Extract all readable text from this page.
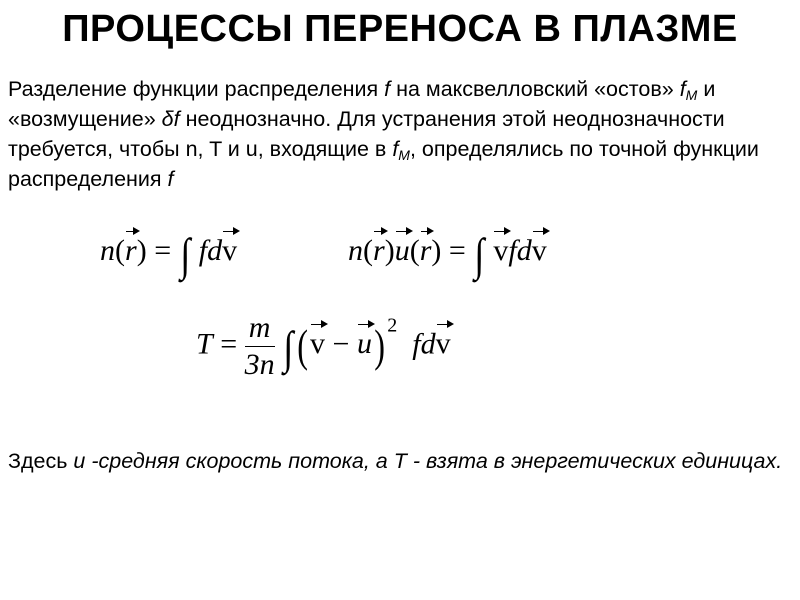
ПРОЦЕССЫ ПЕРЕНОСА В ПЛАЗМЕ
Разделение функции распределения f на максвелловский «остов» $f_M$ и «возмущение» δf неоднозначно. Для устранения этой неоднозначности требуется, чтобы n, T и u, входящие в $f_M$, определялись по точной функции распределения f
n(r) = ∫ fdv	n(r)u(r) = ∫ vfdv
$T = \frac{m}{3n} \int(v - u)$ $^2$  fdv
Здесь u -средняя скорость потока, а T - взята в энергетических единицах.
